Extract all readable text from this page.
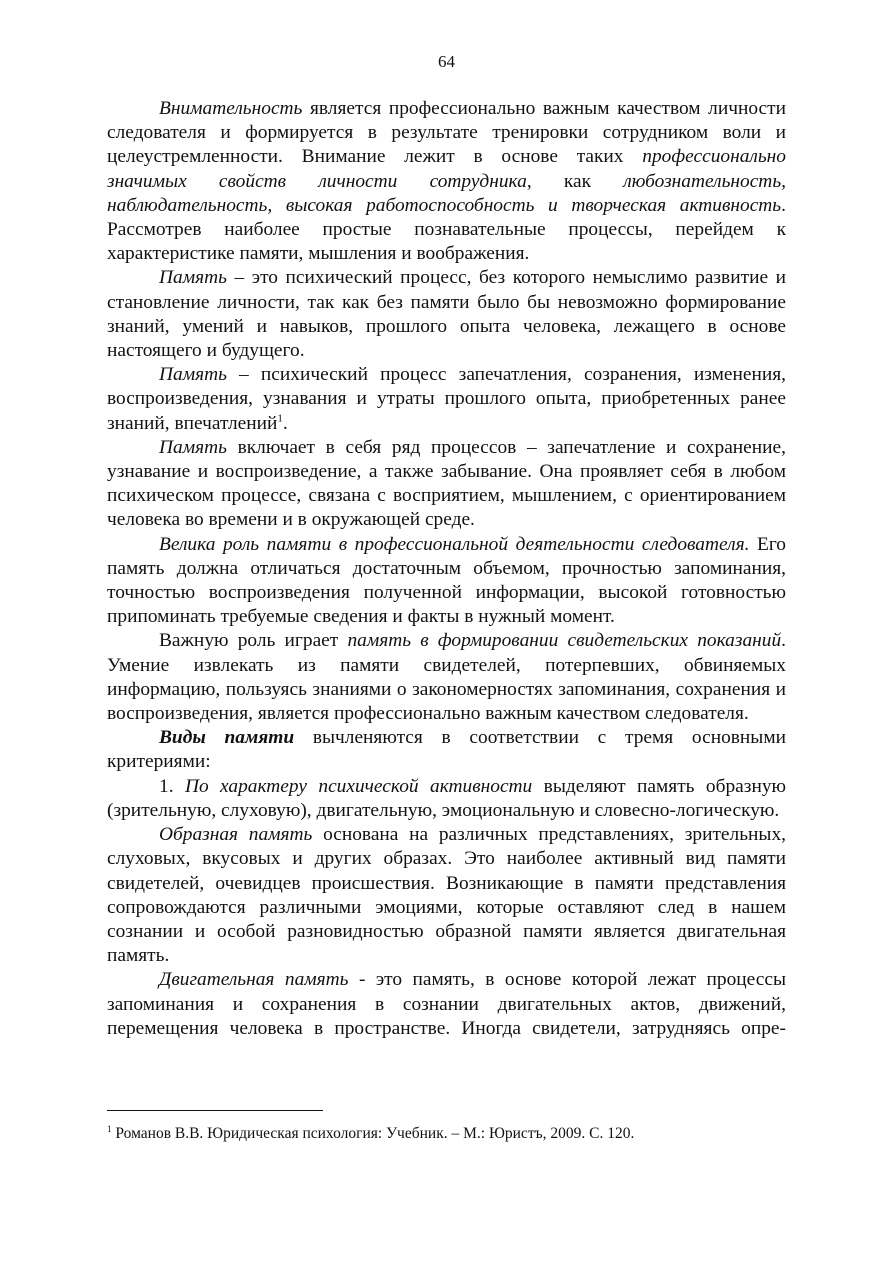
64

Внимательность является профессионально важным качеством личности следователя и формируется в результате тренировки сотрудником воли и целеустремленности. Внимание лежит в основе таких профессионально значимых свойств личности сотрудника, как любознательность, наблюдательность, высокая работоспособность и творческая активность. Рассмотрев наиболее простые познавательные процессы, перейдем к характеристике памяти, мышления и воображения.

Память – это психический процесс, без которого немыслимо развитие и становление личности, так как без памяти было бы невозможно формирование знаний, умений и навыков, прошлого опыта человека, лежащего в основе настоящего и будущего.

Память – психический процесс запечатления, созранения, изменения, воспроизведения, узнавания и утраты прошлого опыта, приобретенных ранее знаний, впечатлений$^1$.

Память включает в себя ряд процессов – запечатление и сохранение, узнавание и воспроизведение, а также забывание. Она проявляет себя в любом психическом процессе, связана с восприятием, мышлением, с ориентированием человека во времени и в окружающей среде.

Велика роль памяти в профессиональной деятельности следователя. Его память должна отличаться достаточным объемом, прочностью запоминания, точностью воспроизведения полученной информации, высокой готовностью припоминать требуемые сведения и факты в нужный момент.

Важную роль играет память в формировании свидетельских показаний. Умение извлекать из памяти свидетелей, потерпевших, обвиняемых информацию, пользуясь знаниями о закономерностях запоминания, сохранения и воспроизведения, является профессионально важным качеством следователя.

Виды памяти вычленяются в соответствии с тремя основными критериями:

1. По характеру психической активности выделяют память образную (зрительную, слуховую), двигательную, эмоциональную и словесно-логическую.

Образная память основана на различных представлениях, зрительных, слуховых, вкусовых и других образах. Это наиболее активный вид памяти свидетелей, очевидцев происшествия. Возникающие в памяти представления сопровождаются различными эмоциями, которые оставляют след в нашем сознании и особой разновидностью образной памяти является двигательная память.

Двигательная память - это память, в основе которой лежат процессы запоминания и сохранения в сознании двигательных актов, движений, перемещения человека в пространстве. Иногда свидетели, затрудняясь опре-

$^1$ Романов В.В. Юридическая психология: Учебник. – М.: Юристъ, 2009. С. 120.
